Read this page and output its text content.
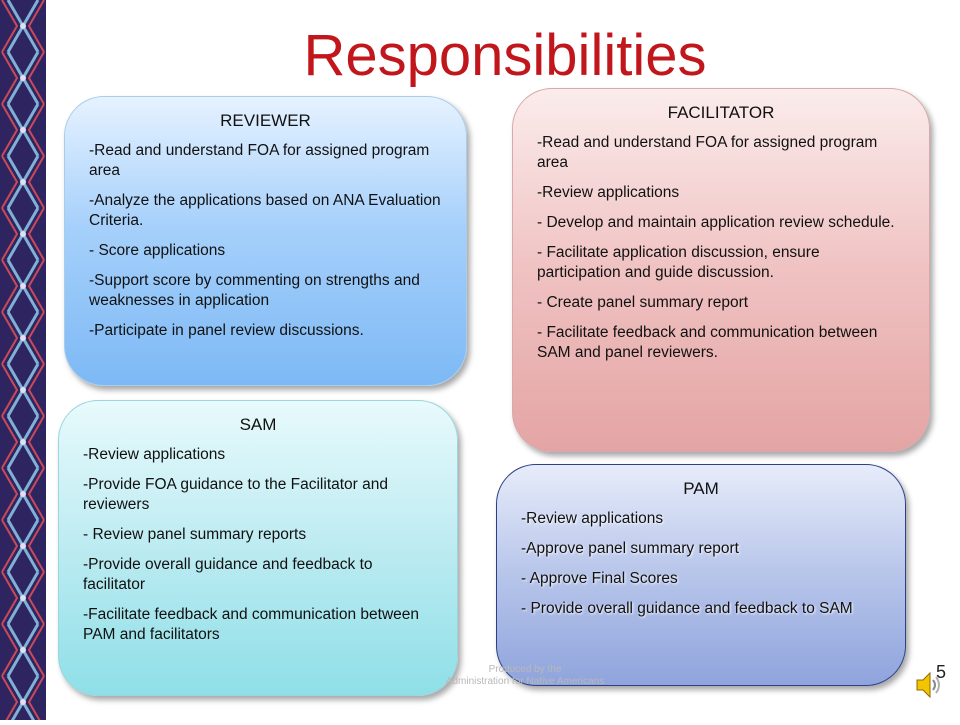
Responsibilities
REVIEWER

-Read and understand FOA for assigned program area

-Analyze the applications based on ANA Evaluation Criteria.

- Score applications

-Support score by commenting on strengths and weaknesses in application

-Participate in panel review discussions.

FACILITATOR

-Read and understand FOA for assigned program area

-Review applications

- Develop and maintain application review schedule.

- Facilitate application discussion, ensure participation and guide discussion.

- Create panel summary report

- Facilitate feedback and communication between SAM and panel reviewers.

SAM

-Review applications

-Provide FOA guidance to the Facilitator and reviewers

- Review panel summary reports

-Provide overall guidance and feedback to facilitator

-Facilitate feedback and communication between PAM and facilitators

PAM

-Review applications

-Approve panel summary report

- Approve Final Scores

- Provide overall guidance and feedback to SAM

Produced by the
Administration for Native Americans	5
